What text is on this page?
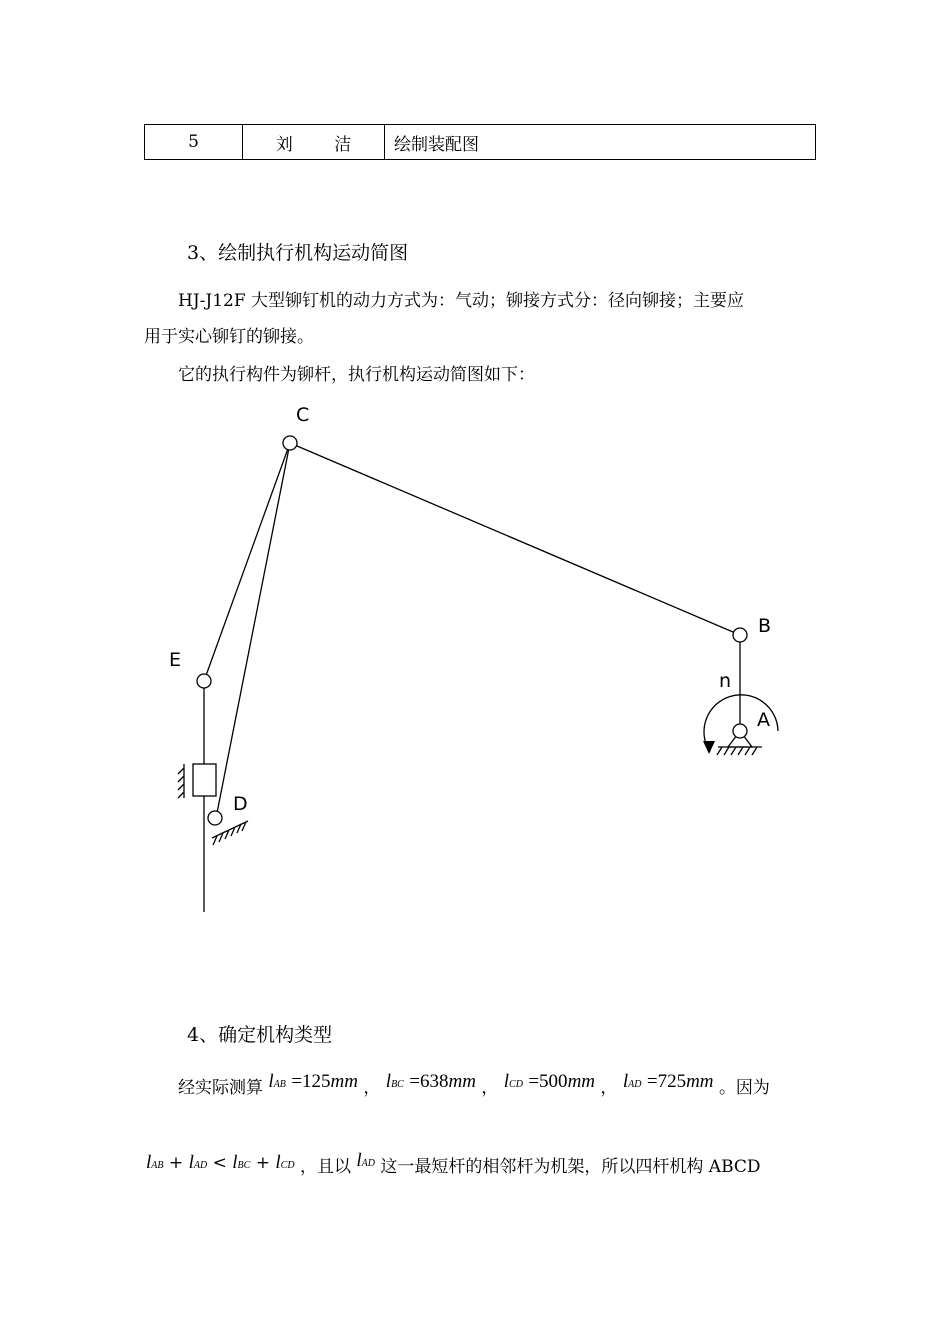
5	刘 洁	绘制装配图
3、绘制执行机构运动简图
HJ-J12F 大型铆钉机的动力方式为：气动；铆接方式分：径向铆接；主要应
用于实心铆钉的铆接。
它的执行构件为铆杆，执行机构运动简图如下：
C
B
E
D
A
n
4、确定机构类型
经实际测算 lAB =125mm ， lBC =638mm ， lCD =500mm ， lAD =725mm 。因为
lAB + lAD < lBC + lCD ，且以 lAD 这一最短杆的相邻杆为机架，所以四杆机构 ABCD
